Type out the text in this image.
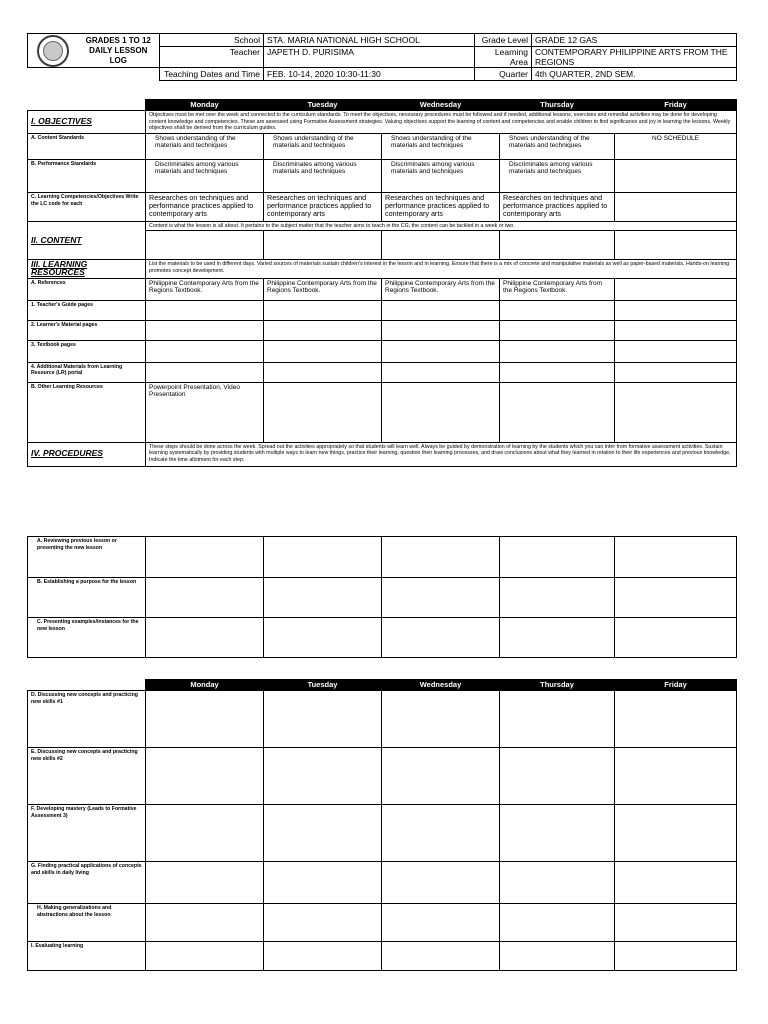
	GRADES 1 TO 12
DAILY LESSON LOG	School	STA. MARIA NATIONAL HIGH SCHOOL	Grade Level	GRADE 12 GAS
		Teacher	JAPETH D. PURISIMA	Learning Area	CONTEMPORARY PHILIPPINE ARTS FROM THE REGIONS
		Teaching Dates and Time	FEB. 10-14, 2020 10:30-11:30	Quarter	4th QUARTER, 2ND SEM.
	Monday	Tuesday	Wednesday	Thursday	Friday
I. OBJECTIVES	Objectives must be met over the week and connected to the curriculum standards. To meet the objectives, necessary procedures must be followed and if needed, additional lessons, exercises and remedial activities may be done for developing content knowledge and competencies. These are assessed using Formative Assessment strategies. Valuing objectives support the learning of content and competencies and enable children to find significance and joy in learning the lessons. Weekly objectives shall be derived from the curriculum guides.				
A. Content Standards	Shows understanding of the materials and techniques	Shows understanding of the materials and techniques	Shows understanding of the materials and techniques	Shows understanding of the materials and techniques	NO SCHEDULE
B. Performance Standards	Discriminates among various materials and techniques	Discriminates among various materials and techniques	Discriminates among various materials and techniques	Discriminates among various materials and techniques	
C. Learning Competencies/Objectives Write the LC code for each	Researches on techniques and performance practices applied to contemporary arts	Researches on techniques and performance practices applied to contemporary arts	Researches on techniques and performance practices applied to contemporary arts	Researches on techniques and performance practices applied to contemporary arts	
II. CONTENT	Content is what the lesson is all about. It pertains to the subject matter that the teacher aims to teach in the CG, the content can be tackled in a week or two.				

III. LEARNING RESOURCES	List the materials to be used in different days. Varied sources of materials sustain children's interest in the lesson and in learning. Ensure that there is a mix of concrete and manipulative materials as well as paper-based materials. Hands-on learning promotes concept development.				
A. References	Philippine Contemporary Arts from the Regions Textbook.	Philippine Contemporary Arts from the Regions Textbook.	Philippine Contemporary Arts from the Regions Textbook.	Philippine Contemporary Arts from the Regions Textbook.	
1. Teacher's Guide pages					
2. Learner's Material pages					
3. Textbook pages					
4. Additional Materials from Learning Resource (LR) portal					
B. Other Learning Resources	Powerpoint Presentation, Video Presentation				
IV. PROCEDURES	These steps should be done across the week. Spread out the activities appropriately so that students will learn well. Always be guided by demonstration of learning by the students which you can infer from formative assessment activities. Sustain learning systematically by providing students with multiple ways to learn new things, practice their learning, question their learning processes, and draw conclusions about what they learned in relation to their life experiences and previous knowledge. Indicate the time allotment for each step.				
A. Reviewing previous lesson or presenting the new lesson					
B. Establishing a purpose for the lesson					
C. Presenting examples/instances for the new lesson					
	Monday	Tuesday	Wednesday	Thursday	Friday
D. Discussing new concepts and practicing new skills #1					
E. Discussing new concepts and practicing new skills #2					
F. Developing mastery (Leads to Formative Assessment 3)					
G. Finding practical applications of concepts and skills in daily living					
H. Making generalizations and abstractions about the lesson					
I. Evaluating learning					
